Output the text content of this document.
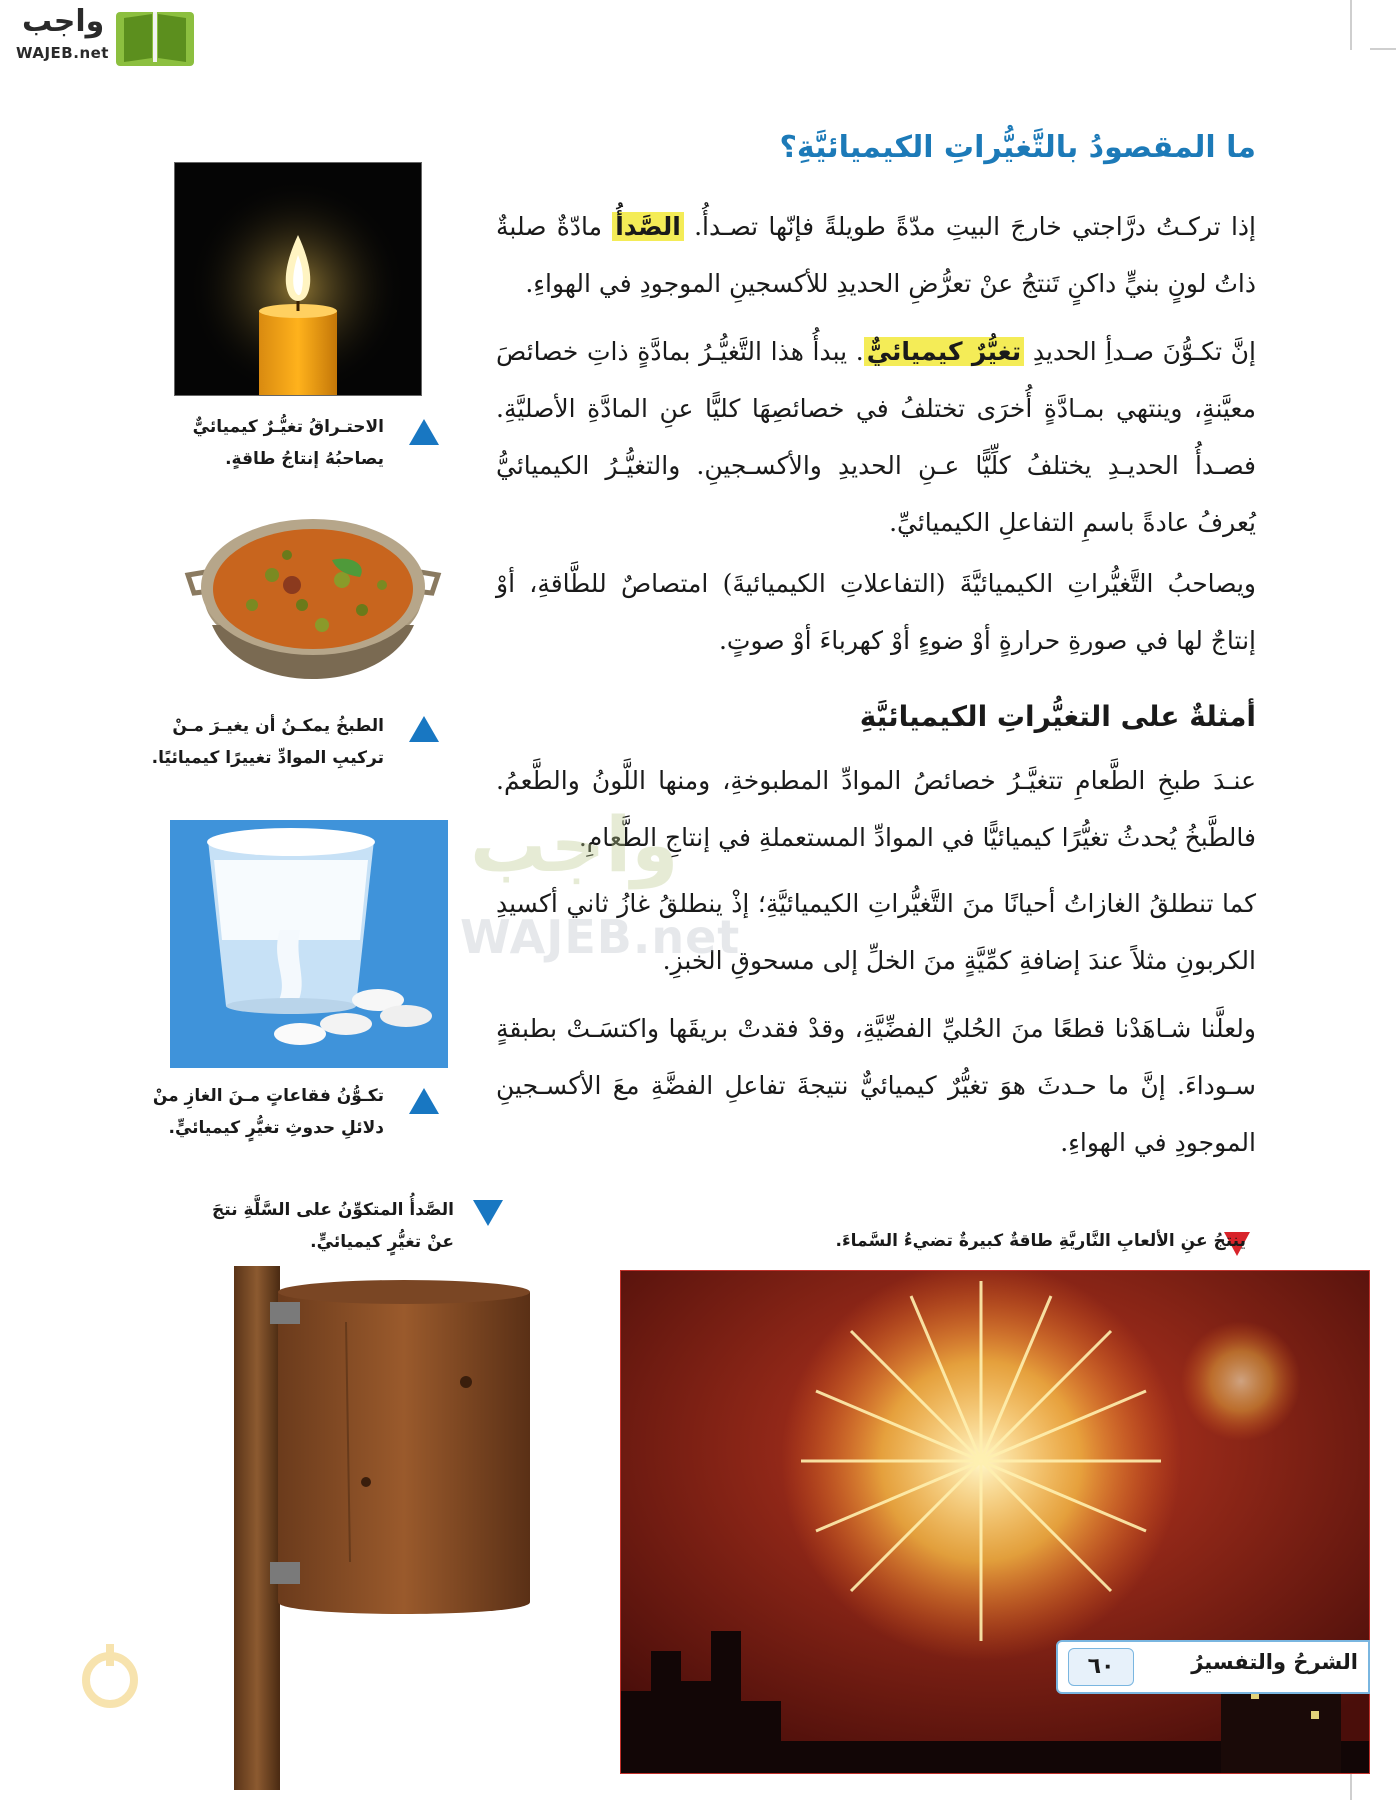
واجب
WAJEB.net
ما المقصودُ بالتَّغيُّراتِ الكيميائيَّةِ؟

إذا تركـتُ درَّاجتي خارجَ البيتِ مدّةً طويلةً فإنّها تصـدأُ. الصَّدأُ مادّةٌ صلبةٌ ذاتُ لونٍ بنيٍّ داكنٍ تَنتجُ عنْ تعرُّضِ الحديدِ للأكسجينِ الموجودِ في الهواءِ.

إنَّ تكـوُّنَ صـدأِ الحديدِ تغيُّرٌ كيميائيٌّ. يبدأُ هذا التَّغيُّـرُ بمادَّةٍ ذاتِ خصائصَ معيَّنةٍ، وينتهي بمـادَّةٍ أُخرَى تختلفُ في خصائصِهَا كليًّا عنِ المادَّةِ الأصليَّةِ. فصـدأُ الحديـدِ يختلفُ كلِّيًّا عـنِ الحديدِ والأكسـجينِ. والتغيُّـرُ الكيميائيُّ يُعرفُ عادةً باسمِ التفاعلِ الكيميائيِّ.

ويصاحبُ التَّغيُّراتِ الكيميائيَّةَ (التفاعلاتِ الكيميائيةَ) امتصاصٌ للطَّاقةِ، أوْ إنتاجٌ لها في صورةِ حرارةٍ أوْ ضوءٍ أوْ كهرباءَ أوْ صوتٍ.

أمثلةٌ على التغيُّراتِ الكيميائيَّةِ

عنـدَ طبخِ الطَّعامِ تتغيَّـرُ خصائصُ الموادِّ المطبوخةِ، ومنها اللَّونُ والطَّعمُ. فالطَّبخُ يُحدثُ تغيُّرًا كيميائيًّا في الموادِّ المستعملةِ في إنتاجِ الطَّعامِ.

كما تنطلقُ الغازاتُ أحيانًا منَ التَّغيُّراتِ الكيميائيَّةِ؛ إذْ ينطلقُ غازُ ثاني أكسيدِ الكربونِ مثلاً عندَ إضافةِ كمِّيَّةٍ منَ الخلِّ إلى مسحوقِ الخبزِ.

ولعلَّنا شـاهَدْنا قطعًا منَ الحُليِّ الفضِّيَّةِ، وقدْ فقدتْ بريقَها واكتسَـتْ بطبقةٍ سـوداءَ. إنَّ ما حـدثَ هوَ تغيُّرٌ كيميائيٌّ نتيجةَ تفاعلِ الفضَّةِ معَ الأكسـجينِ الموجودِ في الهواءِ.

واجب
WAJEB.net
الاحتـراقُ تغيُّـرٌ كيميائيٌّ يصاحبُهُ إنتاجُ طاقةٍ.
الطبخُ يمكـنُ أن يغيـرَ مـنْ تركيبِ الموادِّ تغييرًا كيميائيًا.
تكـوُّنُ فقاعاتٍ مـنَ الغازِ منْ دلائلِ حدوثِ تغيُّرٍ كيميائيٍّ.
الصَّدأُ المتكوِّنُ على السَّلَّةِ نتجَ عنْ تغيُّرٍ كيميائيٍّ.	ينتجُ عنِ الألعابِ النَّاريَّةِ طاقةٌ كبيرةٌ تضيءُ السَّماءَ.
الشرحُ والتفسيرُ
٦٠
